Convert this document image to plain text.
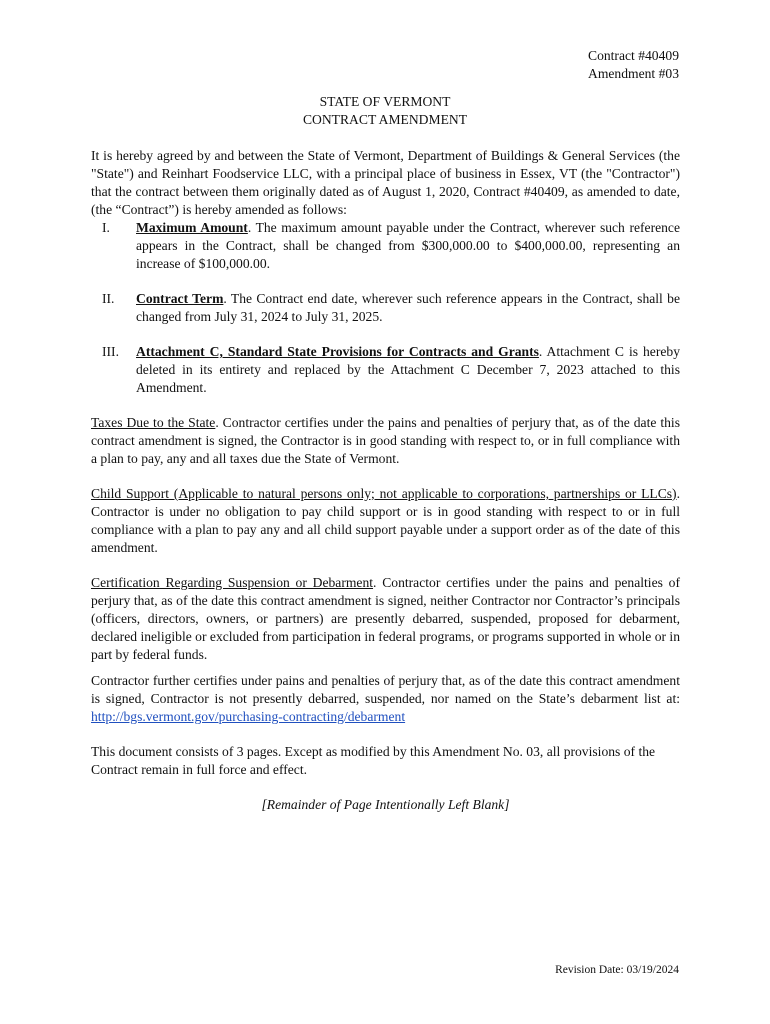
Contract #40409
Amendment #03
STATE OF VERMONT
CONTRACT AMENDMENT

It is hereby agreed by and between the State of Vermont, Department of Buildings & General Services (the "State") and Reinhart Foodservice LLC, with a principal place of business in Essex, VT (the "Contractor") that the contract between them originally dated as of August 1, 2020, Contract #40409, as amended to date, (the “Contract”) is hereby amended as follows:

I. Maximum Amount. The maximum amount payable under the Contract, wherever such reference appears in the Contract, shall be changed from $300,000.00 to $400,000.00, representing an increase of $100,000.00.
II. Contract Term. The Contract end date, wherever such reference appears in the Contract, shall be changed from July 31, 2024 to July 31, 2025.
III. Attachment C, Standard State Provisions for Contracts and Grants. Attachment C is hereby deleted in its entirety and replaced by the Attachment C December 7, 2023 attached to this Amendment.

Taxes Due to the State. Contractor certifies under the pains and penalties of perjury that, as of the date this contract amendment is signed, the Contractor is in good standing with respect to, or in full compliance with a plan to pay, any and all taxes due the State of Vermont.

Child Support (Applicable to natural persons only; not applicable to corporations, partnerships or LLCs). Contractor is under no obligation to pay child support or is in good standing with respect to or in full compliance with a plan to pay any and all child support payable under a support order as of the date of this amendment.

Certification Regarding Suspension or Debarment. Contractor certifies under the pains and penalties of perjury that, as of the date this contract amendment is signed, neither Contractor nor Contractor’s principals (officers, directors, owners, or partners) are presently debarred, suspended, proposed for debarment, declared ineligible or excluded from participation in federal programs, or programs supported in whole or in part by federal funds.

Contractor further certifies under pains and penalties of perjury that, as of the date this contract amendment is signed, Contractor is not presently debarred, suspended, nor named on the State’s debarment list at: http://bgs.vermont.gov/purchasing-contracting/debarment

This document consists of 3 pages. Except as modified by this Amendment No. 03, all provisions of the Contract remain in full force and effect.

[Remainder of Page Intentionally Left Blank]

Revision Date: 03/19/2024
